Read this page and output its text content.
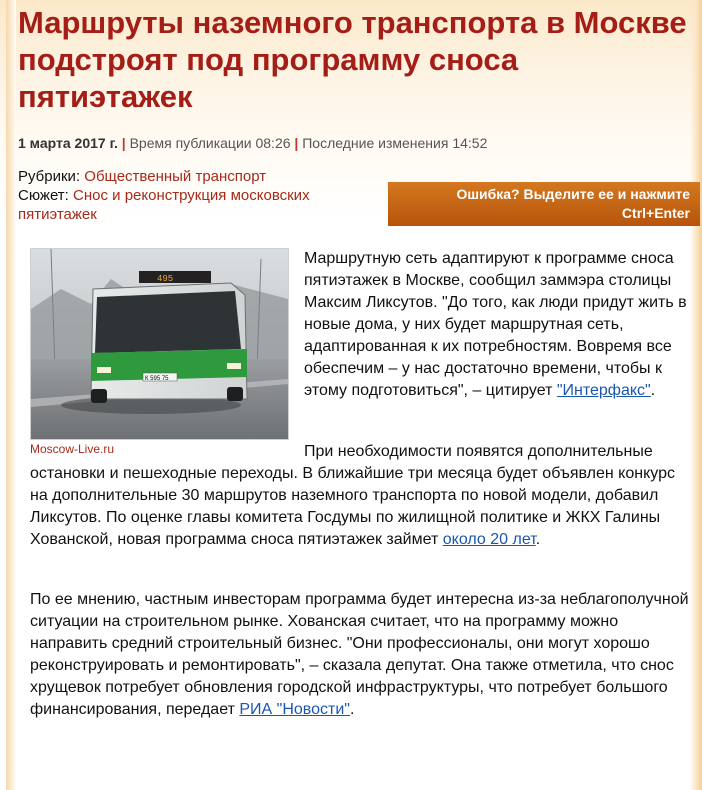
Маршруты наземного транспорта в Москве подстроят под программу сноса пятиэтажек
1 марта 2017 г. | Время публикации 08:26 | Последние изменения 14:52
Рубрики: Общественный транспорт
Сюжет: Снос и реконструкция московских пятиэтажек
Ошибка? Выделите ее и нажмите
Ctrl+Enter
495
К 595 75
Moscow-Live.ru

Маршрутную сеть адаптируют к программе сноса пятиэтажек в Москве, сообщил заммэра столицы Максим Ликсутов. "До того, как люди придут жить в новые дома, у них будет маршрутная сеть, адаптированная к их потребностям. Вовремя все обеспечим – у нас достаточно времени, чтобы к этому подготовиться", – цитирует "Интерфакс".

При необходимости появятся дополнительные остановки и пешеходные переходы. В ближайшие три месяца будет объявлен конкурс на дополнительные 30 маршрутов наземного транспорта по новой модели, добавил Ликсутов. По оценке главы комитета Госдумы по жилищной политике и ЖКХ Галины Хованской, новая программа сноса пятиэтажек займет около 20 лет.

По ее мнению, частным инвесторам программа будет интересна из-за неблагополучной ситуации на строительном рынке. Хованская считает, что на программу можно направить средний строительный бизнес. "Они профессионалы, они могут хорошо реконструировать и ремонтировать", – сказала депутат. Она также отметила, что снос хрущевок потребует обновления городской инфраструктуры, что потребует большого финансирования, передает РИА "Новости".
